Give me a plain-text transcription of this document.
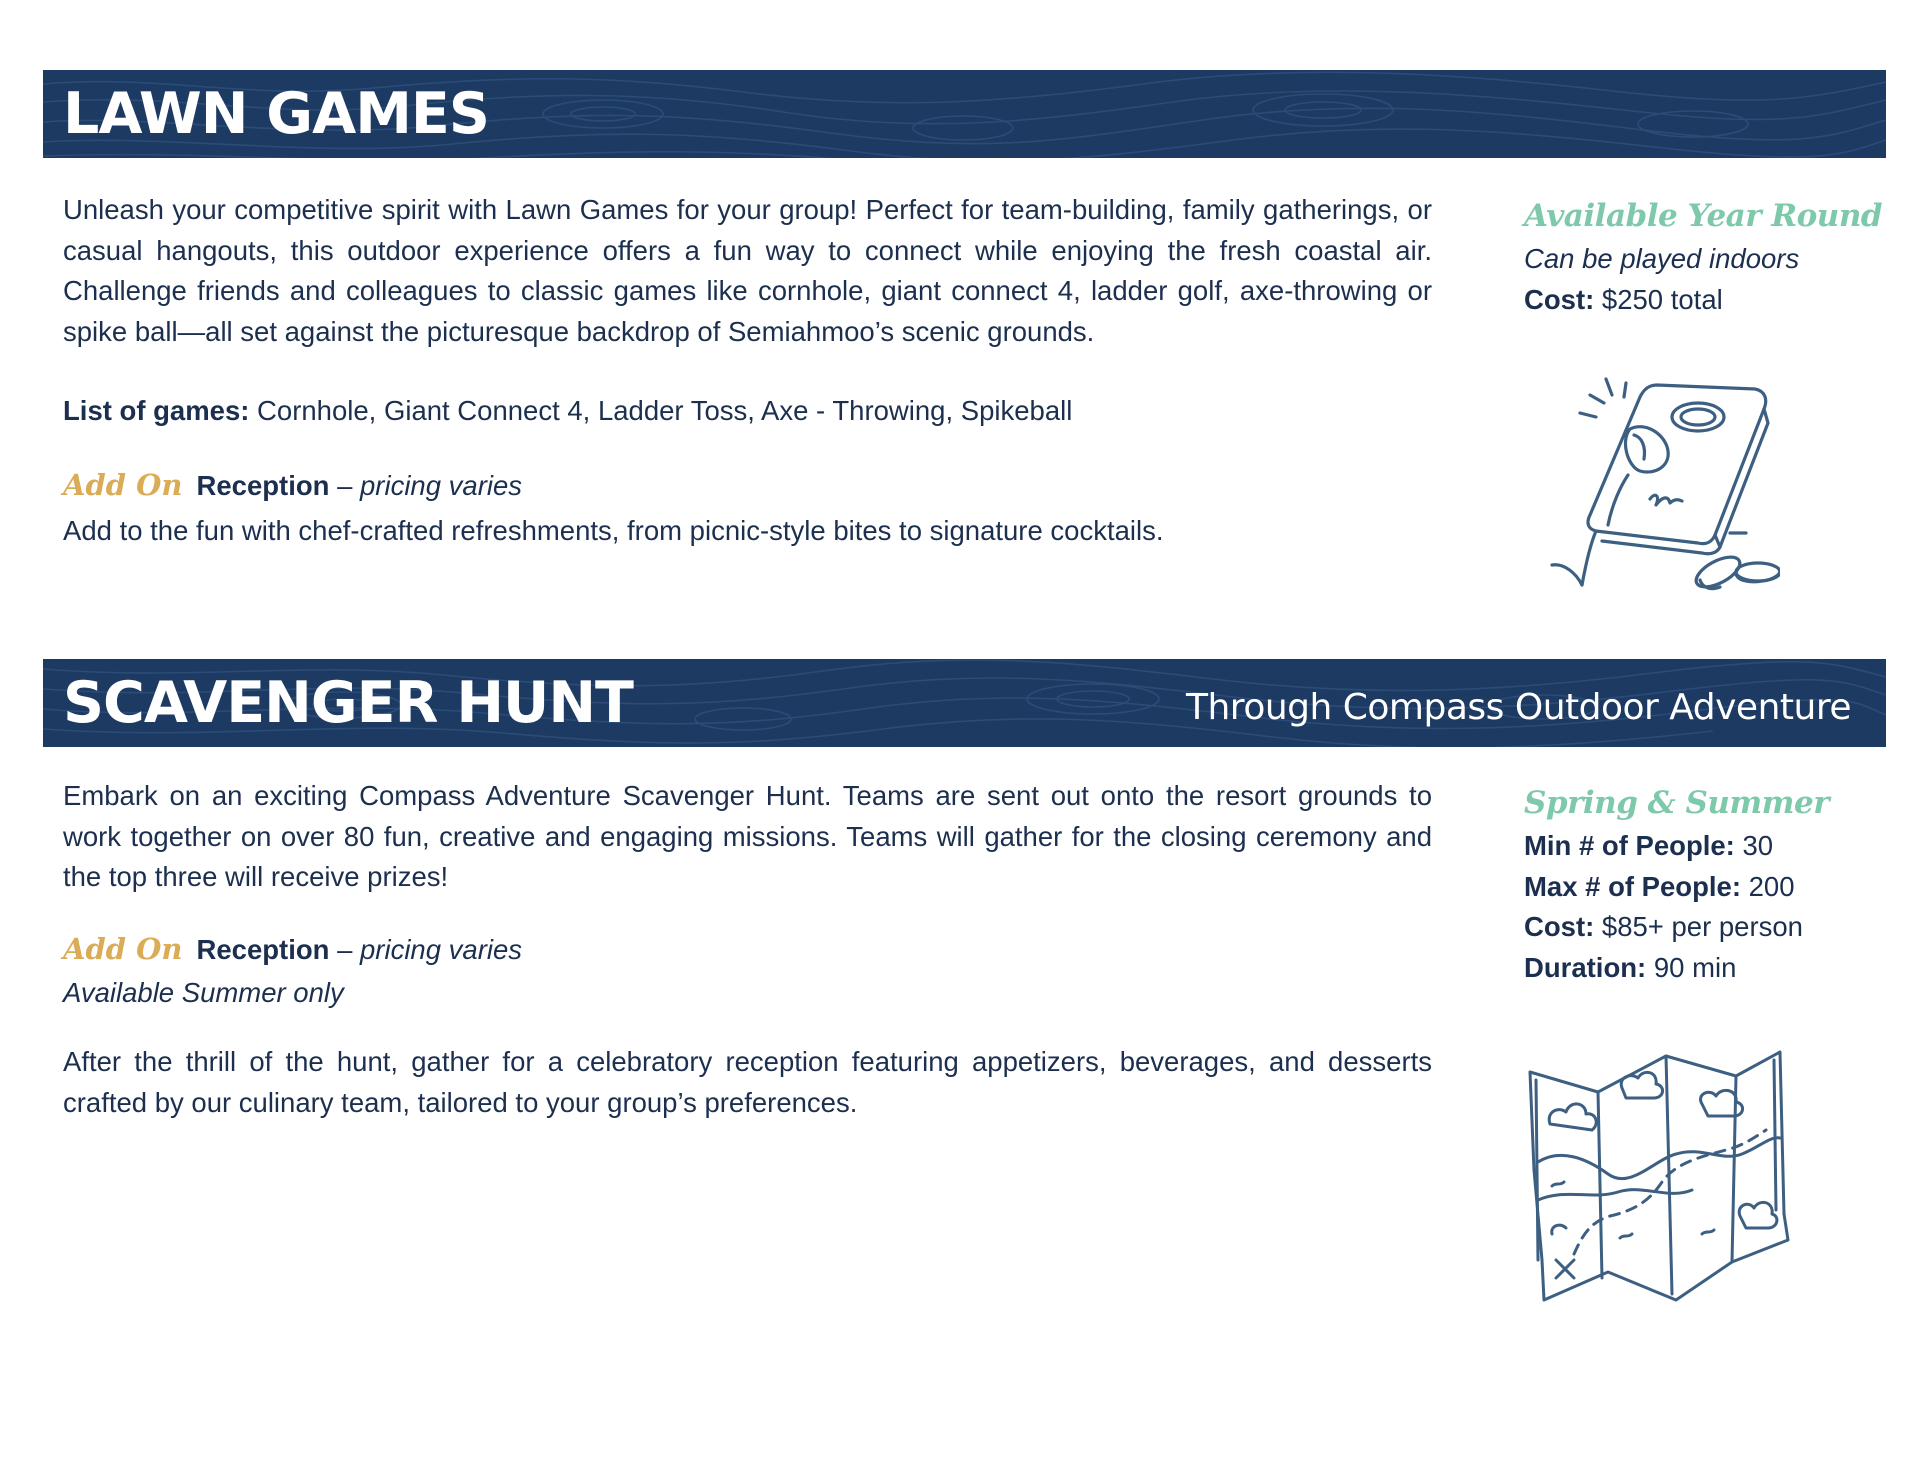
LAWN GAMES

Unleash your competitive spirit with Lawn Games for your group! Perfect for team-building, family gatherings, or casual hangouts, this outdoor experience offers a fun way to connect while enjoying the fresh coastal air. Challenge friends and colleagues to classic games like cornhole, giant connect 4, ladder golf, axe-throwing or spike ball—all set against the picturesque backdrop of Semiahmoo’s scenic grounds.

List of games: Cornhole, Giant Connect 4, Ladder Toss, Axe - Throwing, Spikeball
Add On Reception – pricing varies
Add to the fun with chef-crafted refreshments, from picnic-style bites to signature cocktails.
Available Year Round
Can be played indoors
Cost: $250 total
SCAVENGER HUNT	Through Compass Outdoor Adventure

Embark on an exciting Compass Adventure Scavenger Hunt. Teams are sent out onto the resort grounds to work together on over 80 fun, creative and engaging missions. Teams will gather for the closing ceremony and the top three will receive prizes!

Add On Reception – pricing varies
Available Summer only

After the thrill of the hunt, gather for a celebratory reception featuring appetizers, beverages, and desserts crafted by our culinary team, tailored to your group’s preferences.

Spring & Summer
Min # of People: 30
Max # of People: 200
Cost: $85+ per person
Duration: 90 min
